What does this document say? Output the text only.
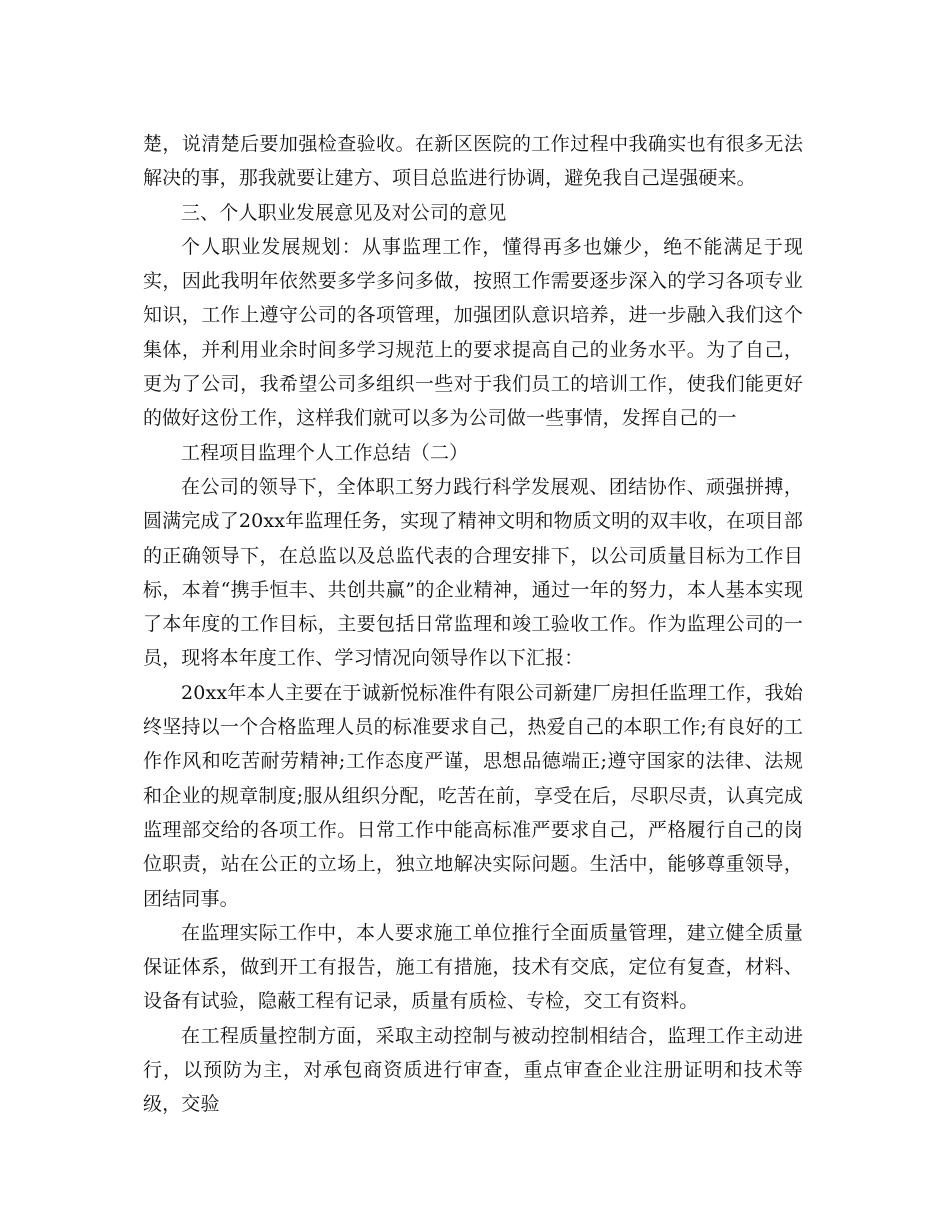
楚，说清楚后要加强检查验收。在新区医院的工作过程中我确实也有很多无法解决的事，那我就要让建方、项目总监进行协调，避免我自己逞强硬来。

三、个人职业发展意见及对公司的意见

个人职业发展规划：从事监理工作，懂得再多也嫌少，绝不能满足于现实，因此我明年依然要多学多问多做，按照工作需要逐步深入的学习各项专业知识，工作上遵守公司的各项管理，加强团队意识培养，进一步融入我们这个集体，并利用业余时间多学习规范上的要求提高自己的业务水平。为了自己，更为了公司，我希望公司多组织一些对于我们员工的培训工作，使我们能更好的做好这份工作，这样我们就可以多为公司做一些事情，发挥自己的一

工程项目监理个人工作总结（二）

在公司的领导下，全体职工努力践行科学发展观、团结协作、顽强拼搏，圆满完成了20xx年监理任务，实现了精神文明和物质文明的双丰收，在项目部的正确领导下，在总监以及总监代表的合理安排下，以公司质量目标为工作目标，本着“携手恒丰、共创共赢”的企业精神，通过一年的努力，本人基本实现了本年度的工作目标，主要包括日常监理和竣工验收工作。作为监理公司的一员，现将本年度工作、学习情况向领导作以下汇报：

20xx年本人主要在于诚新悦标准件有限公司新建厂房担任监理工作，我始终坚持以一个合格监理人员的标准要求自己，热爱自己的本职工作;有良好的工作作风和吃苦耐劳精神;工作态度严谨，思想品德端正;遵守国家的法律、法规和企业的规章制度;服从组织分配，吃苦在前，享受在后，尽职尽责，认真完成监理部交给的各项工作。日常工作中能高标准严要求自己，严格履行自己的岗位职责，站在公正的立场上，独立地解决实际问题。生活中，能够尊重领导，团结同事。

在监理实际工作中，本人要求施工单位推行全面质量管理，建立健全质量保证体系，做到开工有报告，施工有措施，技术有交底，定位有复查，材料、设备有试验，隐蔽工程有记录，质量有质检、专检，交工有资料。

在工程质量控制方面，采取主动控制与被动控制相结合，监理工作主动进行，以预防为主，对承包商资质进行审查，重点审查企业注册证明和技术等级，交验
